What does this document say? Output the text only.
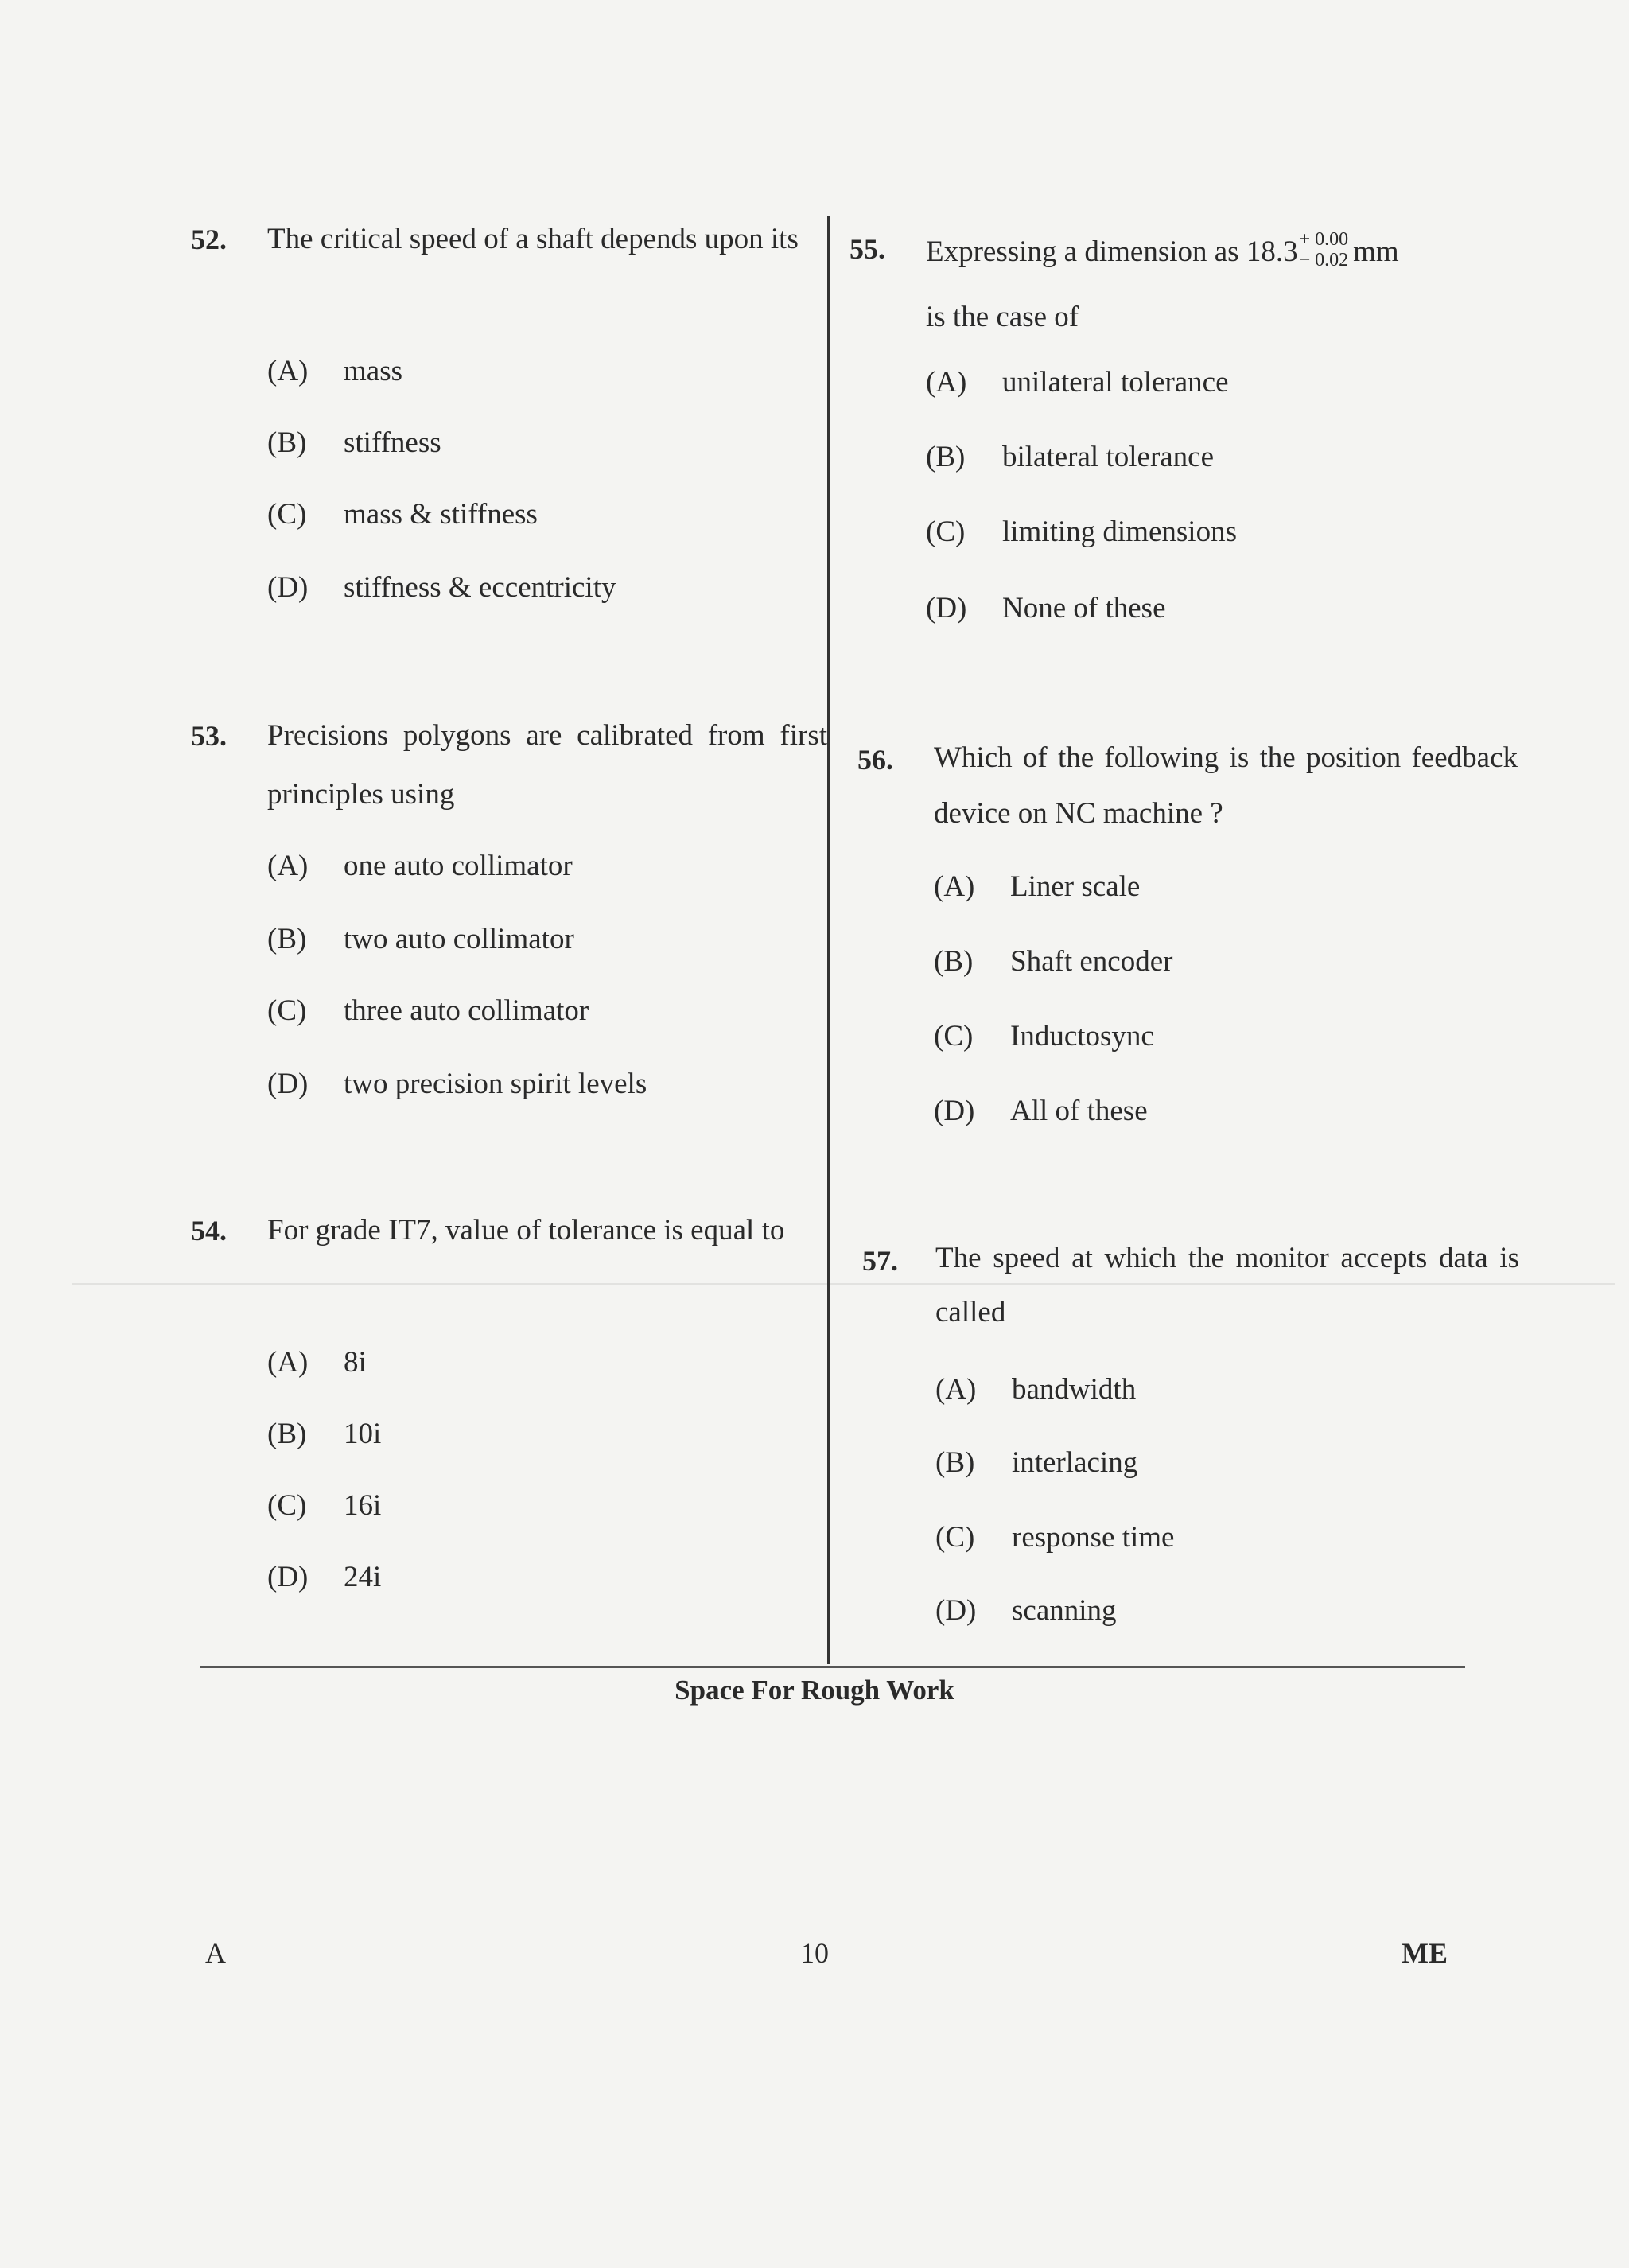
52. The critical speed of a shaft depends upon its
(A) mass
(B) stiffness
(C) mass & stiffness
(D) stiffness & eccentricity
53. Precisions polygons are calibrated from first principles using
(A) one auto collimator
(B) two auto collimator
(C) three auto collimator
(D) two precision spirit levels
54. For grade IT7, value of tolerance is equal to
(A) 8i
(B) 10i
(C) 16i
(D) 24i
55. Expressing a dimension as 18.3 + 0.00
− 0.02 mm
is the case of
(A) unilateral tolerance
(B) bilateral tolerance
(C) limiting dimensions
(D) None of these
56. Which of the following is the position feedback device on NC machine ?
(A) Liner scale
(B) Shaft encoder
(C) Inductosync
(D) All of these
57. The speed at which the monitor accepts data is called
(A) bandwidth
(B) interlacing
(C) response time
(D) scanning
Space For Rough Work
A	10	ME
